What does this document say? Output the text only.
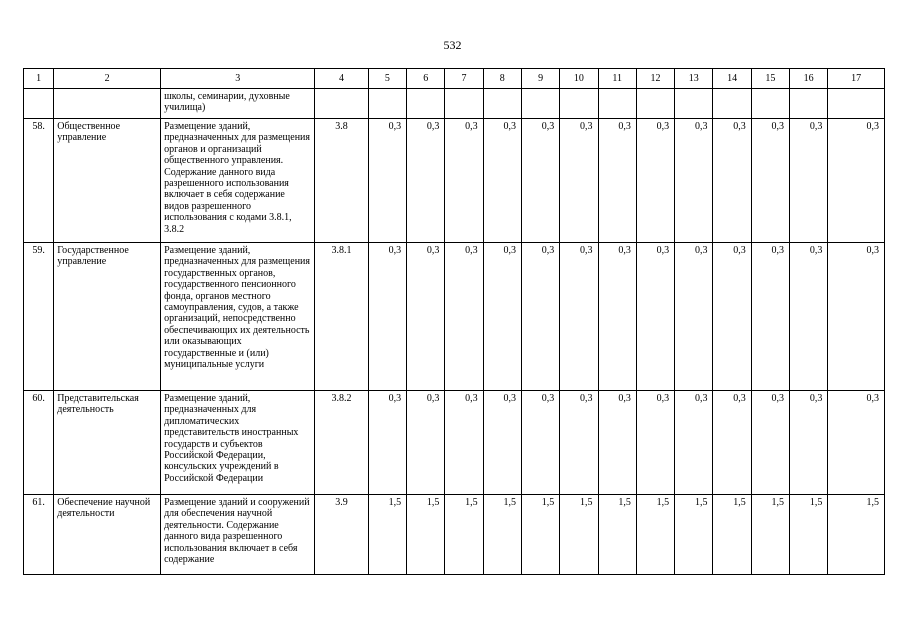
532
1	2	3	4	5	6	7	8	9	10	11	12	13	14	15	16	17
		школы, семинарии, духовные училища)														
58.	Общественное управление	Размещение зданий, предназначенных для размещения органов и организаций общественного управления. Содержание данного вида разрешенного использования включает в себя содержание видов разрешенного использования с кодами 3.8.1, 3.8.2	3.8	0,3	0,3	0,3	0,3	0,3	0,3	0,3	0,3	0,3	0,3	0,3	0,3	0,3
59.	Государственное управление	Размещение зданий, предназначенных для размещения государственных органов, государственного пенсионного фонда, органов местного самоуправления, судов, а также организаций, непосредственно обеспечивающих их деятельность или оказывающих государственные и (или) муниципальные услуги	3.8.1	0,3	0,3	0,3	0,3	0,3	0,3	0,3	0,3	0,3	0,3	0,3	0,3	0,3
60.	Представительская деятельность	Размещение зданий, предназначенных для дипломатических представительств иностранных государств и субъектов Российской Федерации, консульских учреждений в Российской Федерации	3.8.2	0,3	0,3	0,3	0,3	0,3	0,3	0,3	0,3	0,3	0,3	0,3	0,3	0,3
61.	Обеспечение научной деятельности	Размещение зданий и сооружений для обеспечения научной деятельности. Содержание данного вида разрешенного использования включает в себя содержание	3.9	1,5	1,5	1,5	1,5	1,5	1,5	1,5	1,5	1,5	1,5	1,5	1,5	1,5
